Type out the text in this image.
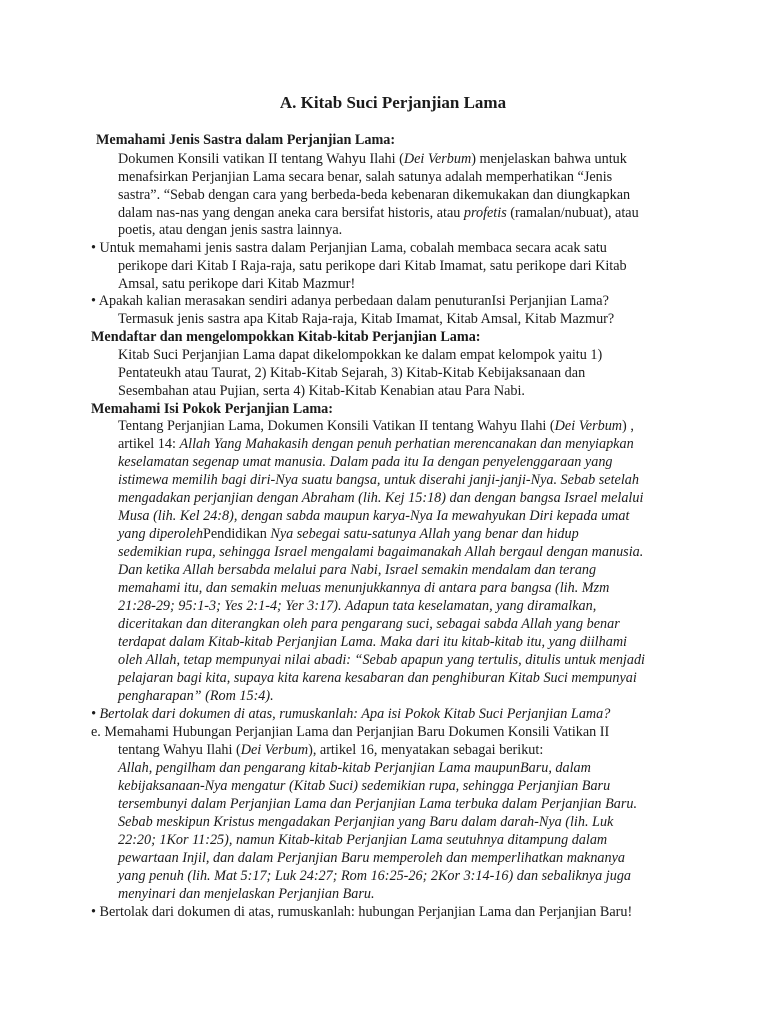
A. Kitab Suci Perjanjian Lama
Memahami Jenis Sastra dalam Perjanjian Lama:
Dokumen Konsili vatikan II tentang Wahyu Ilahi (Dei Verbum) menjelaskan bahwa untuk
menafsirkan Perjanjian Lama secara benar, salah satunya adalah memperhatikan “Jenis
sastra”. “Sebab dengan cara yang berbeda-beda kebenaran dikemukakan dan diungkapkan
dalam nas-nas yang dengan aneka cara bersifat historis, atau profetis (ramalan/nubuat), atau
poetis, atau dengan jenis sastra lainnya.
• Untuk memahami jenis sastra dalam Perjanjian Lama, cobalah membaca secara acak satu
perikope dari Kitab I Raja-raja, satu perikope dari Kitab Imamat, satu perikope dari Kitab
Amsal, satu perikope dari Kitab Mazmur!
• Apakah kalian merasakan sendiri adanya perbedaan dalam penuturanIsi Perjanjian Lama?
Termasuk jenis sastra apa Kitab Raja-raja, Kitab Imamat, Kitab Amsal, Kitab Mazmur?
Mendaftar dan mengelompokkan Kitab-kitab Perjanjian Lama:
Kitab Suci Perjanjian Lama dapat dikelompokkan ke dalam empat kelompok yaitu 1)
Pentateukh atau Taurat, 2) Kitab-Kitab Sejarah, 3) Kitab-Kitab Kebijaksanaan dan
Sesembahan atau Pujian, serta 4) Kitab-Kitab Kenabian atau Para Nabi.
Memahami Isi Pokok Perjanjian Lama:
Tentang Perjanjian Lama, Dokumen Konsili Vatikan II tentang Wahyu Ilahi (Dei Verbum) ,
artikel 14: Allah Yang Mahakasih dengan penuh perhatian merencanakan dan menyiapkan
keselamatan segenap umat manusia. Dalam pada itu Ia dengan penyelenggaraan yang
istimewa memilih bagi diri-Nya suatu bangsa, untuk diserahi janji-janji-Nya. Sebab setelah
mengadakan perjanjian dengan Abraham (lih. Kej 15:18) dan dengan bangsa Israel melalui
Musa (lih. Kel 24:8), dengan sabda maupun karya-Nya Ia mewahyukan Diri kepada umat
yang diperolehPendidikan Nya sebegai satu-satunya Allah yang benar dan hidup
sedemikian rupa, sehingga Israel mengalami bagaimanakah Allah bergaul dengan manusia.
Dan ketika Allah bersabda melalui para Nabi, Israel semakin mendalam dan terang
memahami itu, dan semakin meluas menunjukkannya di antara para bangsa (lih. Mzm
21:28-29; 95:1-3; Yes 2:1-4; Yer 3:17). Adapun tata keselamatan, yang diramalkan,
diceritakan dan diterangkan oleh para pengarang suci, sebagai sabda Allah yang benar
terdapat dalam Kitab-kitab Perjanjian Lama. Maka dari itu kitab-kitab itu, yang diilhami
oleh Allah, tetap mempunyai nilai abadi: “Sebab apapun yang tertulis, ditulis untuk menjadi
pelajaran bagi kita, supaya kita karena kesabaran dan penghiburan Kitab Suci mempunyai
pengharapan” (Rom 15:4).
• Bertolak dari dokumen di atas, rumuskanlah: Apa isi Pokok Kitab Suci Perjanjian Lama?
e. Memahami Hubungan Perjanjian Lama dan Perjanjian Baru Dokumen Konsili Vatikan II
tentang Wahyu Ilahi (Dei Verbum), artikel 16, menyatakan sebagai berikut:
Allah, pengilham dan pengarang kitab-kitab Perjanjian Lama maupunBaru, dalam
kebijaksanaan-Nya mengatur (Kitab Suci) sedemikian rupa, sehingga Perjanjian Baru
tersembunyi dalam Perjanjian Lama dan Perjanjian Lama terbuka dalam Perjanjian Baru.
Sebab meskipun Kristus mengadakan Perjanjian yang Baru dalam darah-Nya (lih. Luk
22:20; 1Kor 11:25), namun Kitab-kitab Perjanjian Lama seutuhnya ditampung dalam
pewartaan Injil, dan dalam Perjanjian Baru memperoleh dan memperlihatkan maknanya
yang penuh (lih. Mat 5:17; Luk 24:27; Rom 16:25-26; 2Kor 3:14-16) dan sebaliknya juga
menyinari dan menjelaskan Perjanjian Baru.
• Bertolak dari dokumen di atas, rumuskanlah: hubungan Perjanjian Lama dan Perjanjian Baru!
